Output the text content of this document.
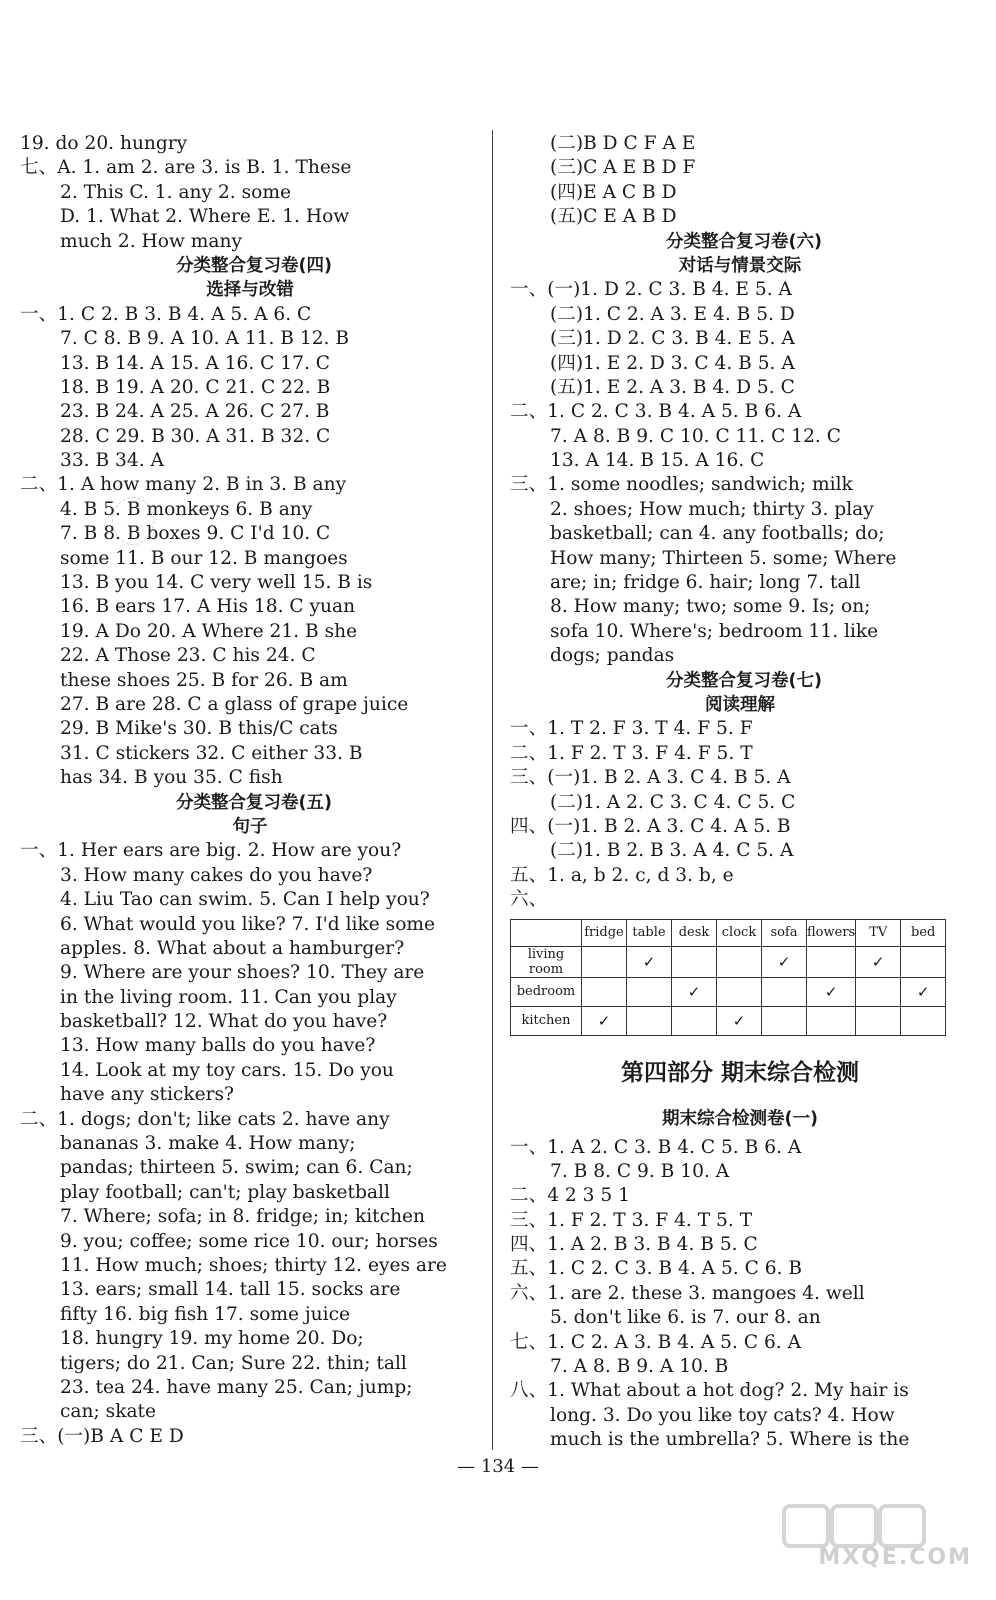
19. do 20. hungry
七、A. 1. am 2. are 3. is B. 1. These
2. This C. 1. any 2. some
D. 1. What 2. Where E. 1. How
much 2. How many
分类整合复习卷(四)
选择与改错
一、1. C 2. B 3. B 4. A 5. A 6. C
7. C 8. B 9. A 10. A 11. B 12. B
13. B 14. A 15. A 16. C 17. C
18. B 19. A 20. C 21. C 22. B
23. B 24. A 25. A 26. C 27. B
28. C 29. B 30. A 31. B 32. C
33. B 34. A
二、1. A how many 2. B in 3. B any
4. B 5. B monkeys 6. B any
7. B 8. B boxes 9. C I'd 10. C
some 11. B our 12. B mangoes
13. B you 14. C very well 15. B is
16. B ears 17. A His 18. C yuan
19. A Do 20. A Where 21. B she
22. A Those 23. C his 24. C
these shoes 25. B for 26. B am
27. B are 28. C a glass of grape juice
29. B Mike's 30. B this/C cats
31. C stickers 32. C either 33. B
has 34. B you 35. C fish
分类整合复习卷(五)
句子
一、1. Her ears are big. 2. How are you?
3. How many cakes do you have?
4. Liu Tao can swim. 5. Can I help you?
6. What would you like? 7. I'd like some
apples. 8. What about a hamburger?
9. Where are your shoes? 10. They are
in the living room. 11. Can you play
basketball? 12. What do you have?
13. How many balls do you have?
14. Look at my toy cars. 15. Do you
have any stickers?
二、1. dogs; don't; like cats 2. have any
bananas 3. make 4. How many;
pandas; thirteen 5. swim; can 6. Can;
play football; can't; play basketball
7. Where; sofa; in 8. fridge; in; kitchen
9. you; coffee; some rice 10. our; horses
11. How much; shoes; thirty 12. eyes are
13. ears; small 14. tall 15. socks are
fifty 16. big fish 17. some juice
18. hungry 19. my home 20. Do;
tigers; do 21. Can; Sure 22. thin; tall
23. tea 24. have many 25. Can; jump;
can; skate
三、(一)B A C E D
(二)B D C F A E
(三)C A E B D F
(四)E A C B D
(五)C E A B D
分类整合复习卷(六)
对话与情景交际
一、(一)1. D 2. C 3. B 4. E 5. A
(二)1. C 2. A 3. E 4. B 5. D
(三)1. D 2. C 3. B 4. E 5. A
(四)1. E 2. D 3. C 4. B 5. A
(五)1. E 2. A 3. B 4. D 5. C
二、1. C 2. C 3. B 4. A 5. B 6. A
7. A 8. B 9. C 10. C 11. C 12. C
13. A 14. B 15. A 16. C
三、1. some noodles; sandwich; milk
2. shoes; How much; thirty 3. play
basketball; can 4. any footballs; do;
How many; Thirteen 5. some; Where
are; in; fridge 6. hair; long 7. tall
8. How many; two; some 9. Is; on;
sofa 10. Where's; bedroom 11. like
dogs; pandas
分类整合复习卷(七)
阅读理解
一、1. T 2. F 3. T 4. F 5. F
二、1. F 2. T 3. F 4. F 5. T
三、(一)1. B 2. A 3. C 4. B 5. A
(二)1. A 2. C 3. C 4. C 5. C
四、(一)1. B 2. A 3. C 4. A 5. B
(二)1. B 2. B 3. A 4. C 5. A
五、1. a, b 2. c, d 3. b, e
六、
	fridge	table	desk	clock	sofa	flowers	TV	bed
living room		✓			✓		✓	
bedroom			✓			✓		✓
kitchen	✓			✓				
第四部分 期末综合检测
期末综合检测卷(一)
一、1. A 2. C 3. B 4. C 5. B 6. A
7. B 8. C 9. B 10. A
二、4 2 3 5 1
三、1. F 2. T 3. F 4. T 5. T
四、1. A 2. B 3. B 4. B 5. C
五、1. C 2. C 3. B 4. A 5. C 6. B
六、1. are 2. these 3. mangoes 4. well
5. don't like 6. is 7. our 8. an
七、1. C 2. A 3. B 4. A 5. C 6. A
7. A 8. B 9. A 10. B
八、1. What about a hot dog? 2. My hair is
long. 3. Do you like toy cats? 4. How
much is the umbrella? 5. Where is the
— 134 —
MXQE.COM
